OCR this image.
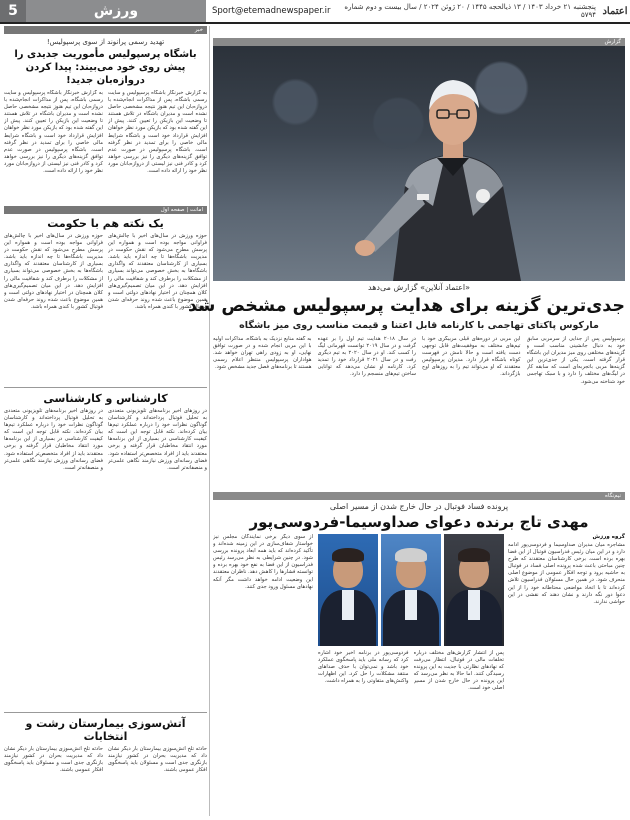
5	ورزش	Sport@etemadnewspaper.ir	پنجشنبه ۲۱ خرداد ۱۴۰۳ / ۱۳ ذیالحجه ۱۴۴۵ / ۲۰ ژوئن ۲۰۲۴ / سال بیست و دوم شماره ۵۷۹۴ اعتماد
خبر
تهدید رسمی پرانوند از سوی پرسپولیس!
باشگاه پرسپولیس مأموریت جدیدی را پیش روی خود می‌بیند: پیدا کردن دروازه‌بان جدید!
به گزارش خبرنگار باشگاه پرسپولیس و سایت رسمی باشگاه، پس از مذاکرات انجام‌شده با دروازه‌بان این تیم هنوز نتیجه مشخصی حاصل نشده است و مدیران باشگاه در تلاش هستند تا وضعیت این بازیکن را تعیین کنند. پیش از این گفته شده بود که بازیکن مورد نظر خواهان افزایش قرارداد خود است و باشگاه شرایط مالی خاصی را برای تمدید در نظر گرفته است. باشگاه پرسپولیس در صورت عدم توافق گزینه‌های دیگری را نیز بررسی خواهد کرد و کادر فنی نیز لیستی از دروازه‌بانان مورد نظر خود را ارائه داده است.
به گزارش خبرنگار باشگاه پرسپولیس و سایت رسمی باشگاه، پس از مذاکرات انجام‌شده با دروازه‌بان این تیم هنوز نتیجه مشخصی حاصل نشده است و مدیران باشگاه در تلاش هستند تا وضعیت این بازیکن را تعیین کنند. پیش از این گفته شده بود که بازیکن مورد نظر خواهان افزایش قرارداد خود است و باشگاه شرایط مالی خاصی را برای تمدید در نظر گرفته است. باشگاه پرسپولیس در صورت عدم توافق گزینه‌های دیگری را نیز بررسی خواهد کرد و کادر فنی نیز لیستی از دروازه‌بانان مورد نظر خود را ارائه داده است.
امانت | صفحه اول
یک نکته هم با حکومت
حوزه ورزش در سال‌های اخیر با چالش‌های فراوانی مواجه بوده است و همواره این پرسش مطرح می‌شود که نقش حکومت در مدیریت باشگاه‌ها تا چه اندازه باید باشد. بسیاری از کارشناسان معتقدند که واگذاری باشگاه‌ها به بخش خصوصی می‌تواند بسیاری از مشکلات را برطرف کند و شفافیت مالی را افزایش دهد. در این میان تصمیم‌گیری‌های کلان همچنان در اختیار نهادهای دولتی است و همین موضوع باعث شده روند حرفه‌ای شدن فوتبال کشور با کندی همراه باشد.
حوزه ورزش در سال‌های اخیر با چالش‌های فراوانی مواجه بوده است و همواره این پرسش مطرح می‌شود که نقش حکومت در مدیریت باشگاه‌ها تا چه اندازه باید باشد. بسیاری از کارشناسان معتقدند که واگذاری باشگاه‌ها به بخش خصوصی می‌تواند بسیاری از مشکلات را برطرف کند و شفافیت مالی را افزایش دهد. در این میان تصمیم‌گیری‌های کلان همچنان در اختیار نهادهای دولتی است و همین موضوع باعث شده روند حرفه‌ای شدن فوتبال کشور با کندی همراه باشد.
کارشناس و کارشناسی
در روزهای اخیر برنامه‌های تلویزیونی متعددی به تحلیل فوتبال پرداخته‌اند و کارشناسان گوناگون نظرات خود را درباره عملکرد تیم‌ها بیان کرده‌اند. نکته قابل توجه این است که کیفیت کارشناسی در بسیاری از این برنامه‌ها مورد انتقاد مخاطبان قرار گرفته و برخی معتقدند باید از افراد متخصص‌تر استفاده شود. فضای رسانه‌ای ورزش نیازمند نگاهی علمی‌تر و منصفانه‌تر است.
در روزهای اخیر برنامه‌های تلویزیونی متعددی به تحلیل فوتبال پرداخته‌اند و کارشناسان گوناگون نظرات خود را درباره عملکرد تیم‌ها بیان کرده‌اند. نکته قابل توجه این است که کیفیت کارشناسی در بسیاری از این برنامه‌ها مورد انتقاد مخاطبان قرار گرفته و برخی معتقدند باید از افراد متخصص‌تر استفاده شود. فضای رسانه‌ای ورزش نیازمند نگاهی علمی‌تر و منصفانه‌تر است.
آتش‌سوزی بیمارستان رشت و انتخابات
حادثه تلخ آتش‌سوزی بیمارستان بار دیگر نشان داد که مدیریت بحران در کشور نیازمند بازنگری جدی است و مسئولان باید پاسخگوی افکار عمومی باشند.
حادثه تلخ آتش‌سوزی بیمارستان بار دیگر نشان داد که مدیریت بحران در کشور نیازمند بازنگری جدی است و مسئولان باید پاسخگوی افکار عمومی باشند.
گزارش
«اعتماد آنلاین» گزارش می‌دهد
جدی‌ترین گزینه برای هدایت پرسپولیس مشخص شد
مارکوس پاکتای تهاجمی با کارنامه قابل اعتنا و قیمت مناسب روی میز باشگاه
پرسپولیس پس از جدایی از سرمربی سابق خود به دنبال جانشینی مناسب است و گزینه‌های مختلفی روی میز مدیران این باشگاه قرار گرفته است. یکی از جدی‌ترین این گزینه‌ها مربی باتجربه‌ای است که سابقه کار در لیگ‌های مختلف را دارد و با سبک تهاجمی خود شناخته می‌شود.
این مربی در دوره‌های قبلی مربیگری خود با تیم‌های مختلف به موفقیت‌های قابل توجهی دست یافته است و حالا نامش در فهرست کوتاه باشگاه قرار دارد. مدیران پرسپولیس معتقدند که او می‌تواند تیم را به روزهای اوج بازگرداند.
در سال ۲۰۱۸ هدایت تیم اول را بر عهده گرفت و در سال ۲۰۱۹ توانست قهرمانی لیگ را کسب کند. او در سال ۲۰۲۰ به تیم دیگری رفت و در سال ۲۰۲۱ قرارداد خود را تمدید کرد. کارنامه او نشان می‌دهد که توانایی ساختن تیم‌های منسجم را دارد.
به گفته منابع نزدیک به باشگاه، مذاکرات اولیه با این مربی انجام شده و در صورت توافق نهایی، او به زودی راهی تهران خواهد شد. هواداران پرسپولیس منتظر اعلام رسمی هستند تا برنامه‌های فصل جدید مشخص شود.
نیم‌نگاه
پرونده فساد فوتبال در حال خارج شدن از مسیر اصلی
مهدی تاج برنده دعوای صداوسیما-فردوسی‌پور
از سوی دیگر برخی نمایندگان مجلس نیز خواستار شفاف‌سازی در این زمینه شده‌اند و تأکید کرده‌اند که باید همه ابعاد پرونده بررسی شود. در چنین شرایطی به نظر می‌رسد رئیس فدراسیون از این فضا به نفع خود بهره برده و توانسته فشارها را کاهش دهد. ناظران معتقدند این وضعیت ادامه خواهد داشت مگر آنکه نهادهای مسئول ورود جدی کنند.
پس از انتشار گزارش‌های مختلف درباره تخلفات مالی در فوتبال، انتظار می‌رفت که نهادهای نظارتی با جدیت به این پرونده رسیدگی کنند. اما حالا به نظر می‌رسد که این پرونده در حال خارج شدن از مسیر اصلی خود است.
فردوسی‌پور در برنامه اخیر خود اشاره کرد که رسانه ملی باید پاسخگوی عملکرد خود باشد و نمی‌توان با حذف صداهای منتقد مشکلات را حل کرد. این اظهارات واکنش‌های متفاوتی را به همراه داشت.
گروه ورزش
مشاجره میان مدیران صداوسیما و فردوسی‌پور ادامه دارد و در این میان رئیس فدراسیون فوتبال از این فضا بهره برده است. برخی کارشناسان معتقدند که طرح چنین مباحثی باعث شده پرونده اصلی فساد در فوتبال به حاشیه برود و توجه افکار عمومی از موضوع اصلی منحرف شود. در همین حال مسئولان فدراسیون تلاش کرده‌اند تا با اتخاذ مواضعی محتاطانه خود را از این دعوا دور نگه دارند و نشان دهند که نقشی در این حواشی ندارند.
